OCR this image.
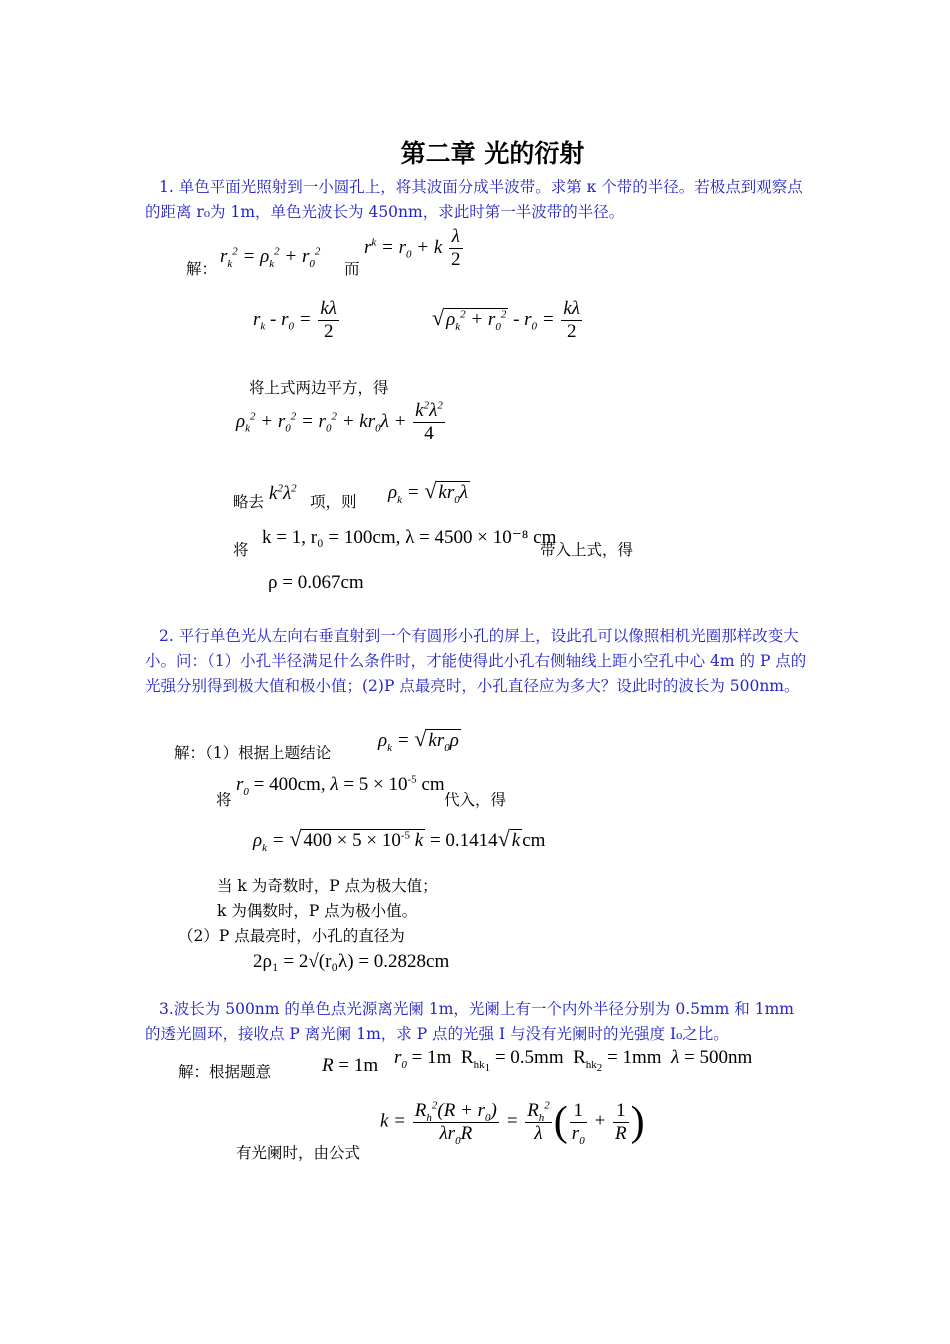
第二章 光的衍射
1. 单色平面光照射到一小圆孔上，将其波面分成半波带。求第 κ 个带的半径。若极点到观察点的距离 r₀为 1m，单色光波长为 450nm，求此时第一半波带的半径。
解：
$r_k^2 = \rho_k^2 + r_0^2$
而
$r^k = r_0 + k \frac{\lambda}{2}$
$r_k - r_0 = \frac{k\lambda}{2}$	√ $\rho_k^2 + r_0^2 - r_0 = \frac{k\lambda}{2}$
将上式两边平方，得
$\rho_k^2 + r_0^2 = r_0^2 + kr_0\lambda + \frac{k^2\lambda^2}{4}$
略去 $k^2\lambda^2$
项，则 $\rho_k$ = √ $kr_0\lambda$
将
k = 1, r₀ = 100cm, λ = 4500 × 10⁻⁸ cm
带入上式，得
ρ = 0.067cm
2. 平行单色光从左向右垂直射到一个有圆形小孔的屏上，设此孔可以像照相机光圈那样改变大小。问：（1）小孔半径满足什么条件时，才能使得此小孔右侧轴线上距小空孔中心 4m 的 P 点的光强分别得到极大值和极小值；(2)P 点最亮时，小孔直径应为多大？设此时的波长为 500nm。
解：（1）根据上题结论
$\rho_k$ = √ $kr_0\rho$
将
$r_0 = 400cm$, $\lambda = 5 \times 10^{-5}$ cm
代入，得
$\rho_k$ = √ $400 \times 5 \times 10^{-5}$ k = 0.1414√ k cm
当 k 为奇数时，P 点为极大值；
k 为偶数时，P 点为极小值。
（2）P 点最亮时，小孔的直径为
2ρ₁ = 2√(r₀λ) = 0.2828cm
3.波长为 500nm 的单色点光源离光阑 1m，光阑上有一个内外半径分别为 0.5mm 和 1mm 的透光圆环，接收点 P 离光阑 1m，求 P 点的光强 I 与没有光阑时的光强度 I₀之比。
解：根据题意	R = 1m $r_0 = 1m$  $R_{hk_1} = 0.5mm$  $R_{hk_2} = 1mm$  λ = 500nm
有光阑时，由公式
$k = \frac{R_h^2(R + r_0)}{\lambda r_0R} = \frac{R_h^2}{\lambda}$ ( $\frac{1}{r_0} + \frac{1}{R}$ )
